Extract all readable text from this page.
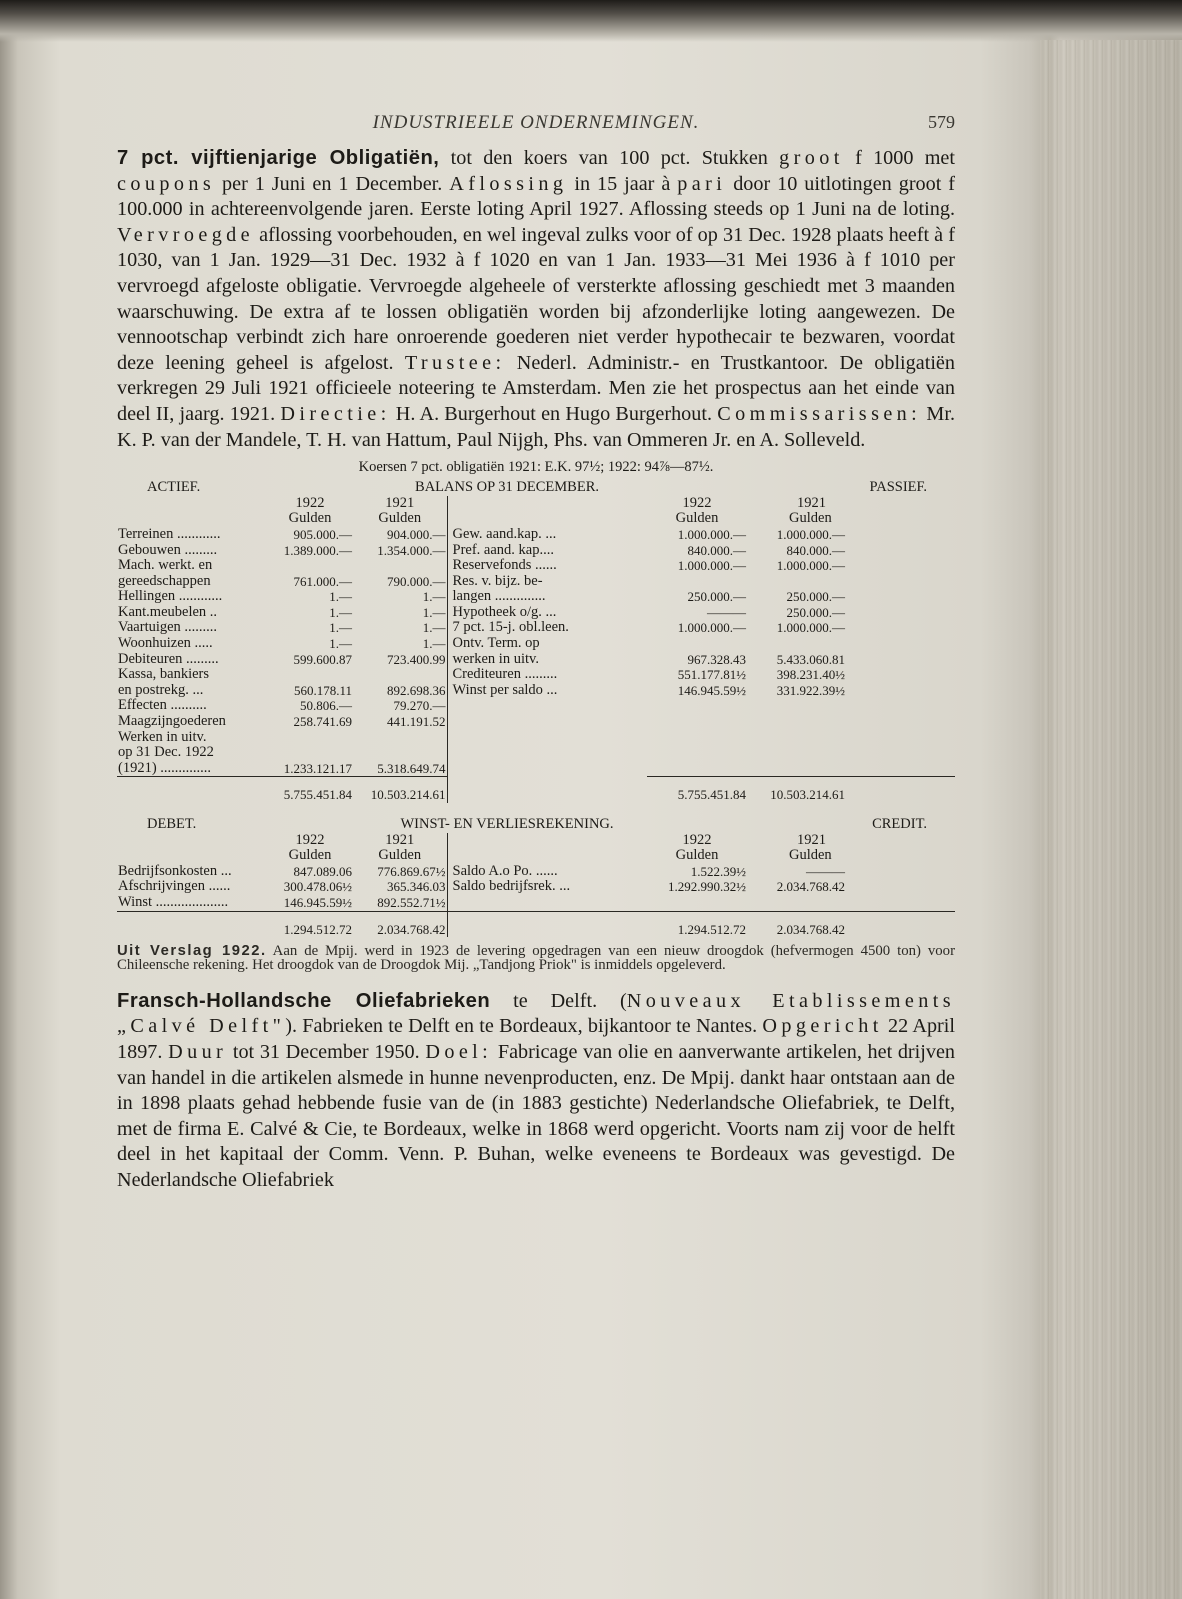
INDUSTRIEELE ONDERNEMINGEN.	579

7 pct. vijftienjarige Obligatiën, tot den koers van 100 pct. Stukken groot f 1000 met coupons per 1 Juni en 1 December. Aflossing in 15 jaar à pari door 10 uitlotingen groot f 100.000 in achtereenvolgende jaren. Eerste loting April 1927. Aflossing steeds op 1 Juni na de loting. Vervroegde aflossing voorbehouden, en wel ingeval zulks voor of op 31 Dec. 1928 plaats heeft à f 1030, van 1 Jan. 1929—31 Dec. 1932 à f 1020 en van 1 Jan. 1933—31 Mei 1936 à f 1010 per vervroegd afgeloste obligatie. Vervroegde algeheele of versterkte aflossing geschiedt met 3 maanden waarschuwing. De extra af te lossen obligatiën worden bij afzonderlijke loting aangewezen. De vennootschap verbindt zich hare onroerende goederen niet verder hypothecair te bezwaren, voordat deze leening geheel is afgelost. Trustee: Nederl. Administr.- en Trustkantoor. De obligatiën verkregen 29 Juli 1921 officieele noteering te Amsterdam. Men zie het prospectus aan het einde van deel II, jaarg. 1921. Directie: H. A. Burgerhout en Hugo Burgerhout. Commissarissen: Mr. K. P. van der Mandele, T. H. van Hattum, Paul Nijgh, Phs. van Ommeren Jr. en A. Solleveld.

Koersen 7 pct. obligatiën 1921: E.K. 97½; 1922: 94⅞—87½.
ACTIEF.	BALANS OP 31 DECEMBER.				PASSIEF.
	1922	1921		1922	1921
	Gulden	Gulden		Gulden	Gulden
Terreinen ............	905.000.—	904.000.—	Gew. aand.kap. ...	1.000.000.—	1.000.000.—
Gebouwen .........	1.389.000.—	1.354.000.—	Pref. aand. kap....	840.000.—	840.000.—
Mach. werkt. en			Reservefonds ......	1.000.000.—	1.000.000.—
gereedschappen	761.000.—	790.000.—	Res. v. bijz. be-		
Hellingen ............	1.—	1.—	langen ..............	250.000.—	250.000.—
Kant.meubelen ..	1.—	1.—	Hypotheek o/g. ...	———	250.000.—
Vaartuigen .........	1.—	1.—	7 pct. 15-j. obl.leen.	1.000.000.—	1.000.000.—
Woonhuizen .....	1.—	1.—	Ontv. Term. op		
Debiteuren .........	599.600.87	723.400.99	werken in uitv.	967.328.43	5.433.060.81
Kassa, bankiers			Crediteuren .........	551.177.81½	398.231.40½
en postrekg. ...	560.178.11	892.698.36	Winst per saldo ...	146.945.59½	331.922.39½
Effecten ..........	50.806.—	79.270.—			
Maagzijngoederen	258.741.69	441.191.52			
Werken in uitv.					
op 31 Dec. 1922					
(1921) ..............	1.233.121.17	5.318.649.74			
	5.755.451.84	10.503.214.61		5.755.451.84	10.503.214.61
DEBET.	WINST- EN VERLIESREKENING.				CREDIT.
	1922	1921		1922	1921
	Gulden	Gulden		Gulden	Gulden
Bedrijfsonkosten ...	847.089.06	776.869.67½	Saldo A.o Po. ......	1.522.39½	———
Afschrijvingen ......	300.478.06½	365.346.03	Saldo bedrijfsrek. ...	1.292.990.32½	2.034.768.42
Winst ....................	146.945.59½	892.552.71½			
	1.294.512.72	2.034.768.42		1.294.512.72	2.034.768.42

Uit Verslag 1922. Aan de Mpij. werd in 1923 de levering opgedragen van een nieuw droogdok (hefvermogen 4500 ton) voor Chileensche rekening. Het droogdok van de Droogdok Mij. „Tandjong Priok" is inmiddels opgeleverd.

Fransch-Hollandsche Oliefabrieken te Delft. (Nouveaux Etablissements „Calvé Delft"). Fabrieken te Delft en te Bordeaux, bijkantoor te Nantes. Opgericht 22 April 1897. Duur tot 31 December 1950. Doel: Fabricage van olie en aanverwante artikelen, het drijven van handel in die artikelen alsmede in hunne nevenproducten, enz. De Mpij. dankt haar ontstaan aan de in 1898 plaats gehad hebbende fusie van de (in 1883 gestichte) Nederlandsche Oliefabriek, te Delft, met de firma E. Calvé & Cie, te Bordeaux, welke in 1868 werd opgericht. Voorts nam zij voor de helft deel in het kapitaal der Comm. Venn. P. Buhan, welke eveneens te Bordeaux was gevestigd. De Nederlandsche Oliefabriek
